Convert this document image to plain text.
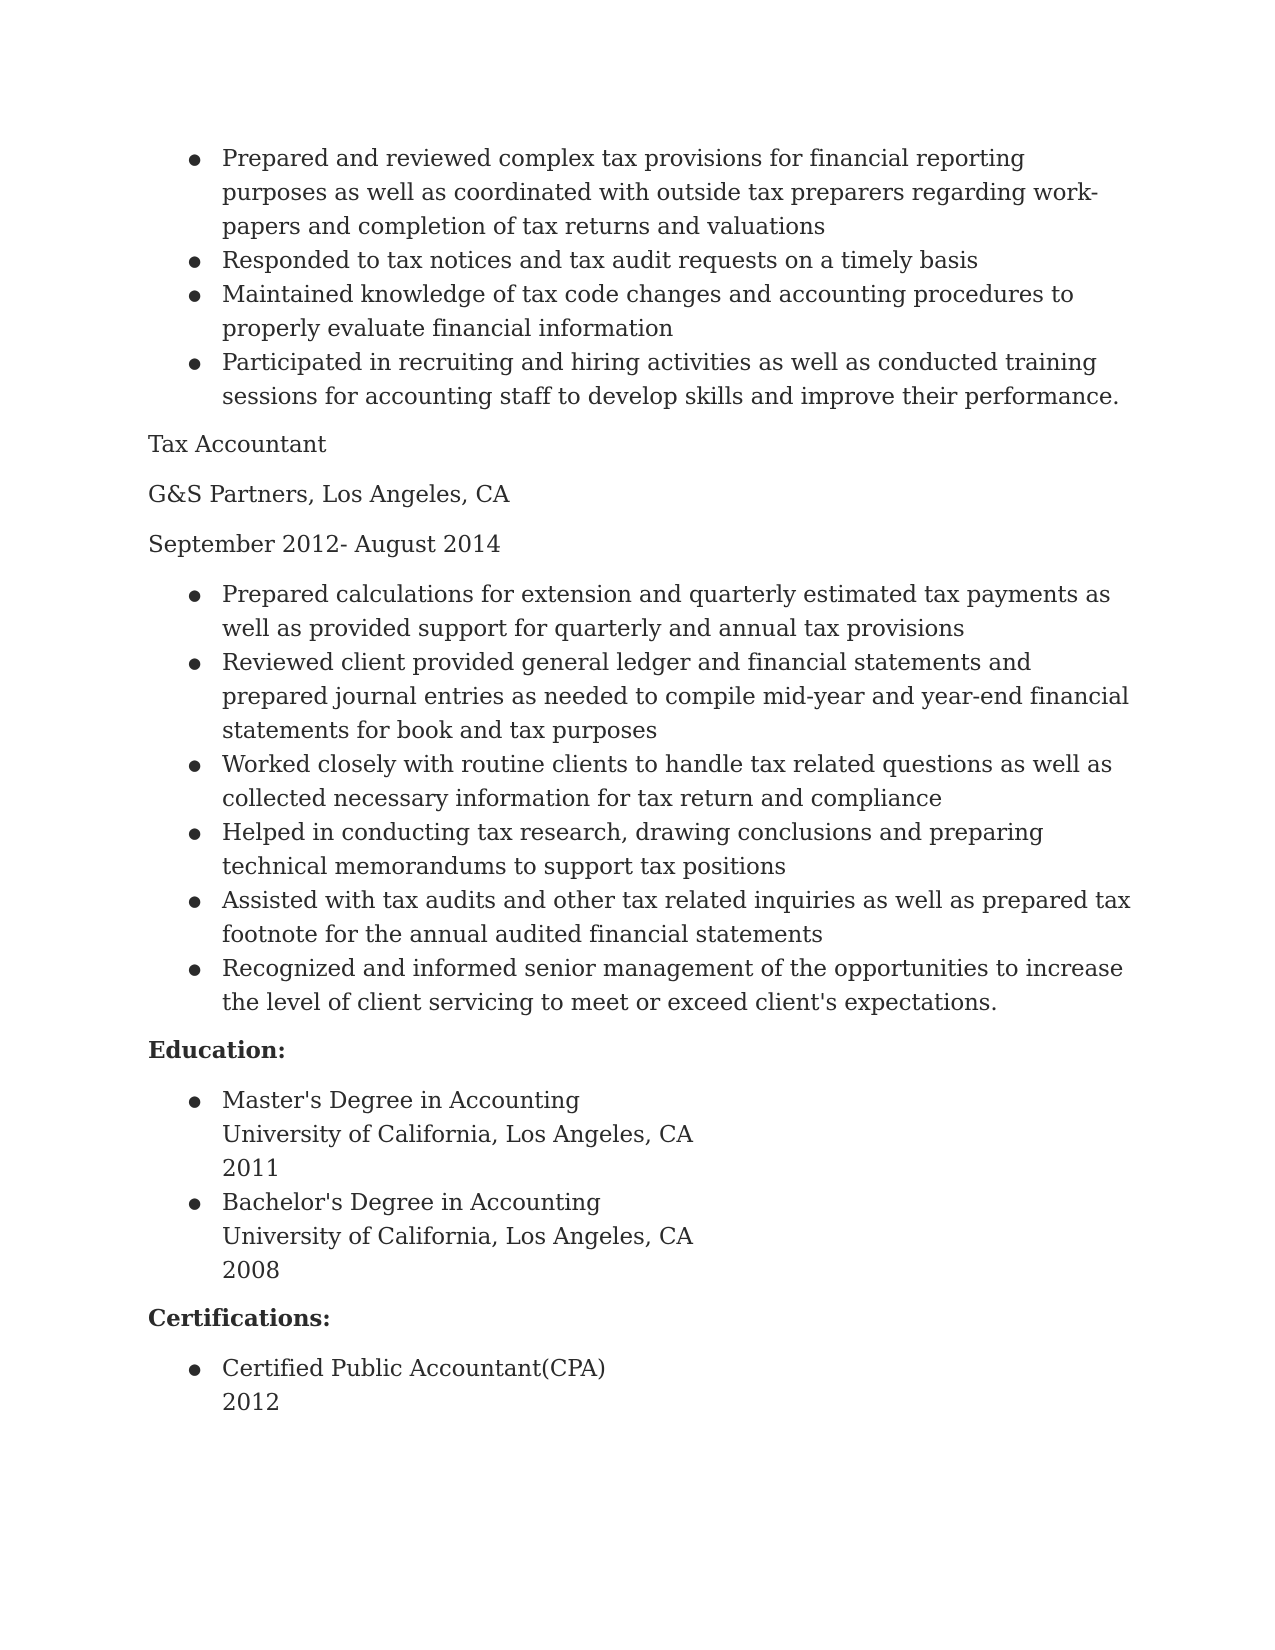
● Prepared and reviewed complex tax provisions for financial reporting purposes as well as coordinated with outside tax preparers regarding work-papers and completion of tax returns and valuations
● Responded to tax notices and tax audit requests on a timely basis
● Maintained knowledge of tax code changes and accounting procedures to properly evaluate financial information
● Participated in recruiting and hiring activities as well as conducted training sessions for accounting staff to develop skills and improve their performance.
Tax Accountant
G&S Partners, Los Angeles, CA
September 2012- August 2014
● Prepared calculations for extension and quarterly estimated tax payments as well as provided support for quarterly and annual tax provisions
● Reviewed client provided general ledger and financial statements and prepared journal entries as needed to compile mid-year and year-end financial statements for book and tax purposes
● Worked closely with routine clients to handle tax related questions as well as collected necessary information for tax return and compliance
● Helped in conducting tax research, drawing conclusions and preparing technical memorandums to support tax positions
● Assisted with tax audits and other tax related inquiries as well as prepared tax footnote for the annual audited financial statements
● Recognized and informed senior management of the opportunities to increase the level of client servicing to meet or exceed client's expectations.
Education:
● Master's Degree in Accounting
University of California, Los Angeles, CA
2011
● Bachelor's Degree in Accounting
University of California, Los Angeles, CA
2008
Certifications:
● Certified Public Accountant(CPA)
2012
